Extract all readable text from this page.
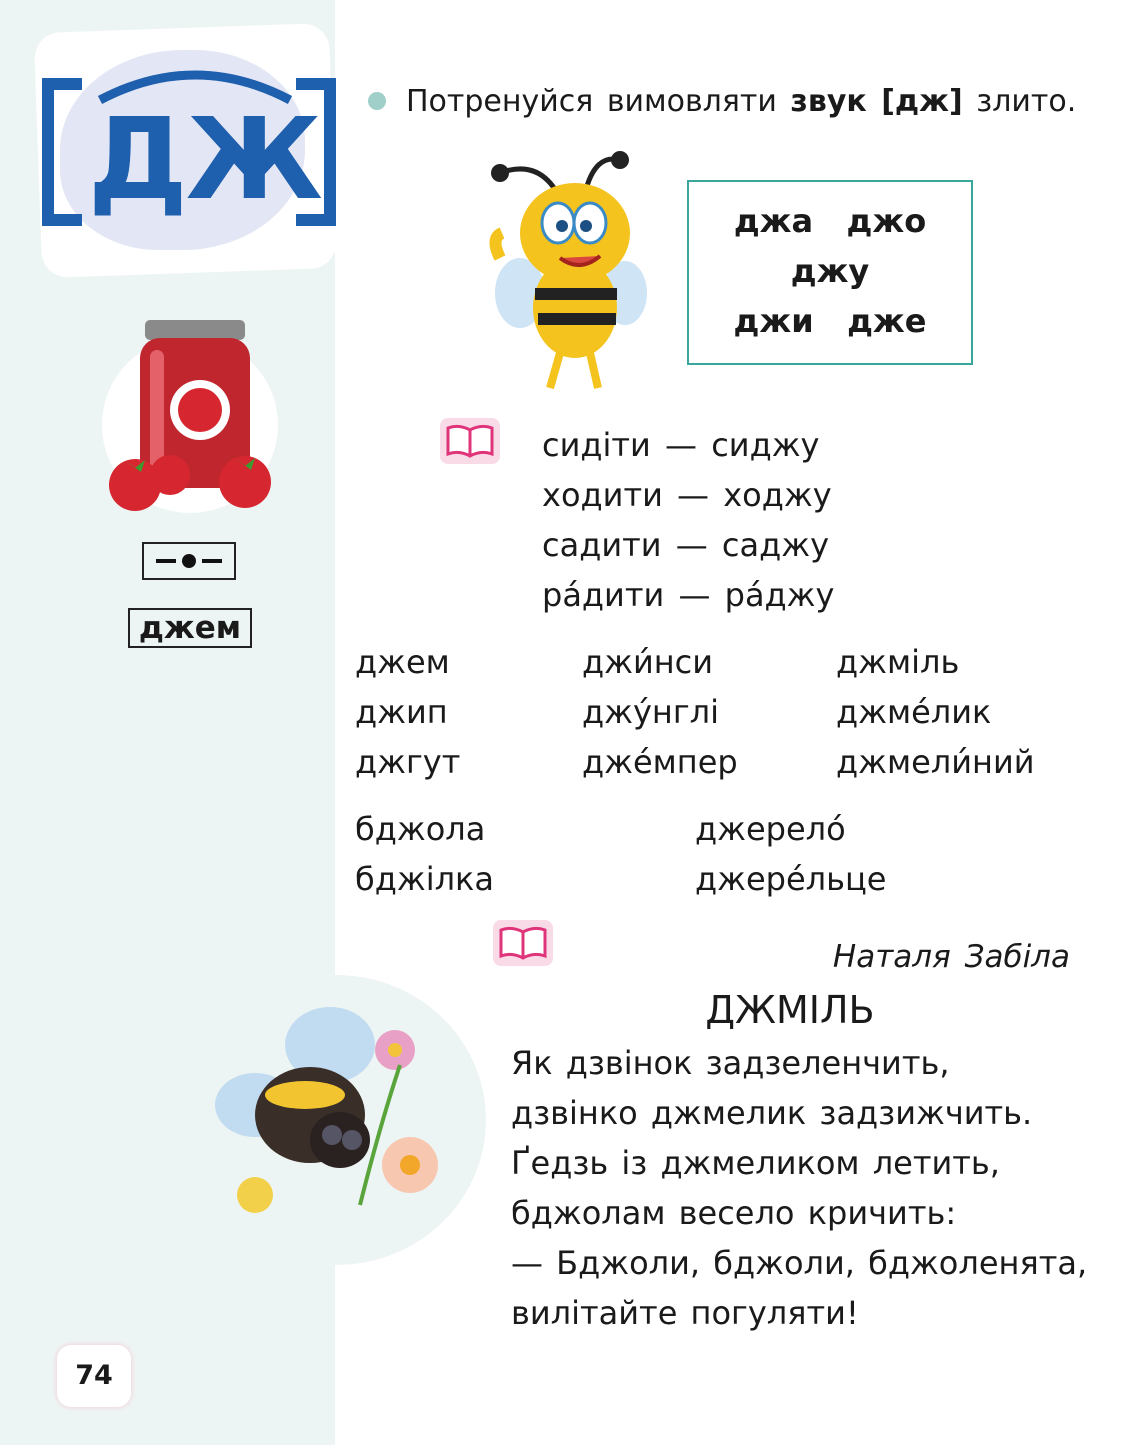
ДЖ
джем
74
Потренуйся вимовляти звук [дж] злито.
джа   джо
джу
джи   дже
сидіти — сиджу
ходити — ходжу
садити — саджу
ра́дити — ра́джу
джем
джип
джгут
джи́нси
джу́нглі
дже́мпер
джміль
джме́лик
джмели́ний
бджола
бджілка
джерело́
джере́льце
Наталя Забіла
ДЖМІЛЬ
Як дзвінок задзеленчить,
дзвінко джмелик задзижчить.
Ґедзь із джмеликом летить,
бджолам весело кричить:
— Бджоли, бджоли, бджоленята,
вилітайте погуляти!
